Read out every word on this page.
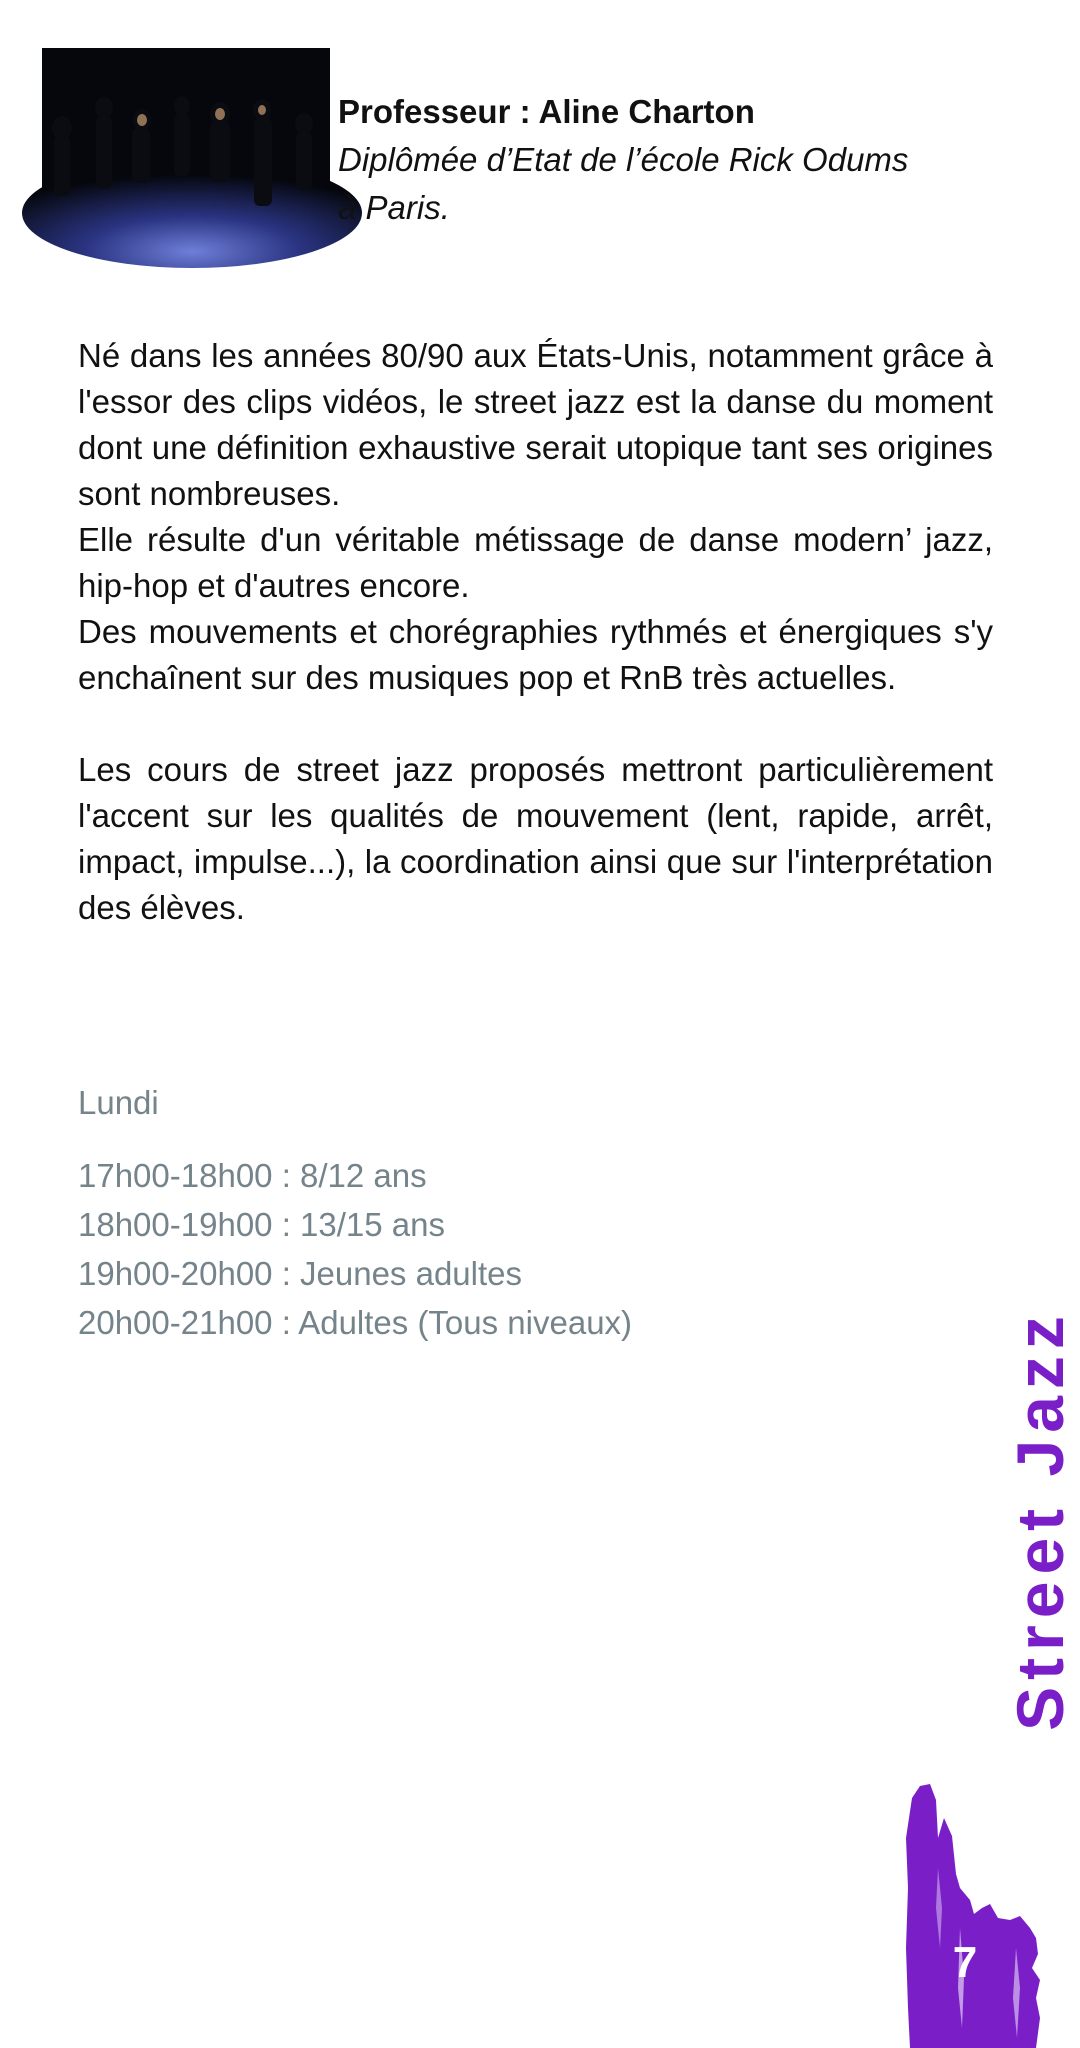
Professeur : Aline Charton
Diplômée d’Etat de l’école Rick Odums
à Paris.

Né dans les années 80/90 aux États-Unis, notamment grâce à l'essor des clips vidéos, le street jazz est la danse du moment dont une définition exhaustive serait utopique tant ses origines sont nombreuses.

Elle résulte d'un véritable métissage de danse modern’ jazz, hip-hop et d'autres encore.

Des mouvements et chorégraphies rythmés et énergiques s'y enchaînent sur des musiques pop et RnB très actuelles.

Les cours de street jazz proposés mettront particulièrement l'accent sur les qualités de mouvement (lent, rapide, arrêt, impact, impulse...), la coordination ainsi que sur l'interprétation des élèves.

Lundi
17h00-18h00 : 8/12 ans
18h00-19h00 : 13/15 ans
19h00-20h00 : Jeunes adultes
20h00-21h00 : Adultes (Tous niveaux)	Street Jazz
7
